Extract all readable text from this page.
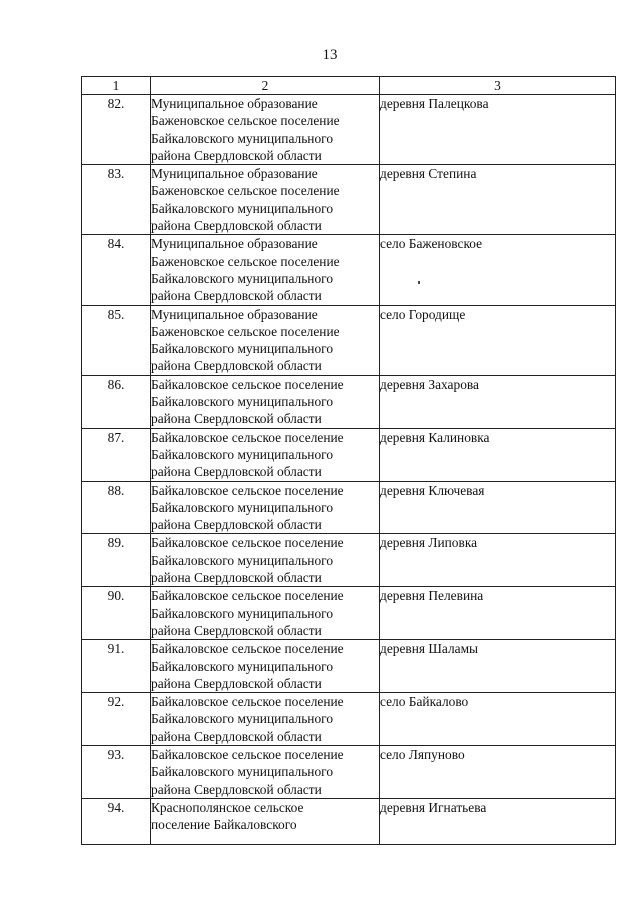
13
1	2	3
82.	Муниципальное образование
Баженовское сельское поселение
Байкаловского муниципального
района Свердловской области	деревня Палецкова
83.	Муниципальное образование
Баженовское сельское поселение
Байкаловского муниципального
района Свердловской области	деревня Степина
84.	Муниципальное образование
Баженовское сельское поселение
Байкаловского муниципального
района Свердловской области	село Баженовское
85.	Муниципальное образование
Баженовское сельское поселение
Байкаловского муниципального
района Свердловской области	село Городище
86.	Байкаловское сельское поселение
Байкаловского муниципального
района Свердловской области	деревня Захарова
87.	Байкаловское сельское поселение
Байкаловского муниципального
района Свердловской области	деревня Калиновка
88.	Байкаловское сельское поселение
Байкаловского муниципального
района Свердловской области	деревня Ключевая
89.	Байкаловское сельское поселение
Байкаловского муниципального
района Свердловской области	деревня Липовка
90.	Байкаловское сельское поселение
Байкаловского муниципального
района Свердловской области	деревня Пелевина
91.	Байкаловское сельское поселение
Байкаловского муниципального
района Свердловской области	деревня Шаламы
92.	Байкаловское сельское поселение
Байкаловского муниципального
района Свердловской области	село Байкалово
93.	Байкаловское сельское поселение
Байкаловского муниципального
района Свердловской области	село Ляпуново
94.	Краснополянское сельское
поселение Байкаловского	деревня Игнатьева
